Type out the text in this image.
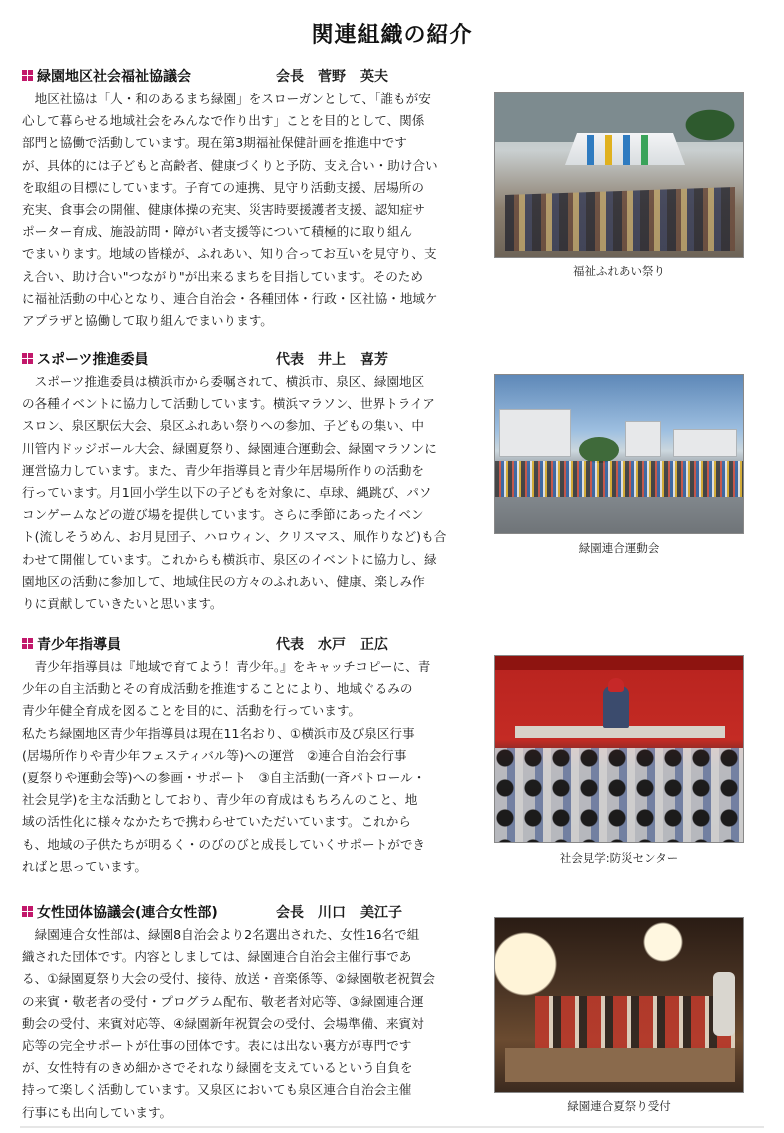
関連組織の紹介
緑園地区社会福祉協議会	会長　菅野　英夫
　地区社協は「人・和のあるまち緑園」をスローガンとして、「誰もが安
心して暮らせる地域社会をみんなで作り出す」ことを目的として、関係
部門と協働で活動しています。現在第3期福祉保健計画を推進中です
が、具体的には子どもと高齢者、健康づくりと予防、支え合い・助け合い
を取組の目標にしています。子育ての連携、見守り活動支援、居場所の
充実、食事会の開催、健康体操の充実、災害時要援護者支援、認知症サ
ポーター育成、施設訪問・障がい者支援等について積極的に取り組ん
でまいります。地域の皆様が、ふれあい、知り合ってお互いを見守り、支
え合い、助け合い"つながり"が出来るまちを目指しています。そのため
に福祉活動の中心となり、連合自治会・各種団体・行政・区社協・地域ケ
アプラザと協働して取り組んでまいります。
福祉ふれあい祭り
スポーツ推進委員	代表　井上　喜芳
　スポーツ推進委員は横浜市から委嘱されて、横浜市、泉区、緑園地区
の各種イベントに協力して活動しています。横浜マラソン、世界トライア
スロン、泉区駅伝大会、泉区ふれあい祭りへの参加、子どもの集い、中
川管内ドッジボール大会、緑園夏祭り、緑園連合運動会、緑園マラソンに
運営協力しています。また、青少年指導員と青少年居場所作りの活動を
行っています。月1回小学生以下の子どもを対象に、卓球、縄跳び、パソ
コンゲームなどの遊び場を提供しています。さらに季節にあったイベン
ト(流しそうめん、お月見団子、ハロウィン、クリスマス、凧作りなど)も合
わせて開催しています。これからも横浜市、泉区のイベントに協力し、緑
園地区の活動に参加して、地域住民の方々のふれあい、健康、楽しみ作
りに貢献していきたいと思います。
緑園連合運動会
青少年指導員	代表　水戸　正広
　青少年指導員は『地域で育てよう！青少年。』をキャッチコピーに、青
少年の自主活動とその育成活動を推進することにより、地域ぐるみの
青少年健全育成を図ることを目的に、活動を行っています。
私たち緑園地区青少年指導員は現在11名おり、①横浜市及び泉区行事
(居場所作りや青少年フェスティバル等)への運営　②連合自治会行事
(夏祭りや運動会等)への参画・サポート　③自主活動(一斉パトロール・
社会見学)を主な活動としており、青少年の育成はもちろんのこと、地
域の活性化に様々なかたちで携わらせていただいています。これから
も、地域の子供たちが明るく・のびのびと成長していくサポートができ
ればと思っています。
社会見学:防災センター
女性団体協議会(連合女性部)	会長　川口　美江子
　緑園連合女性部は、緑園8自治会より2名選出された、女性16名で組
織された団体です。内容としましては、緑園連合自治会主催行事であ
る、①緑園夏祭り大会の受付、接待、放送・音楽係等、②緑園敬老祝賀会
の来賓・敬老者の受付・プログラム配布、敬老者対応等、③緑園連合運
動会の受付、来賓対応等、④緑園新年祝賀会の受付、会場準備、来賓対
応等の完全サポートが仕事の団体です。表には出ない裏方が専門です
が、女性特有のきめ細かさでそれなり緑園を支えているという自負を
持って楽しく活動しています。又泉区においても泉区連合自治会主催
行事にも出向しています。	緑園連合夏祭り受付
